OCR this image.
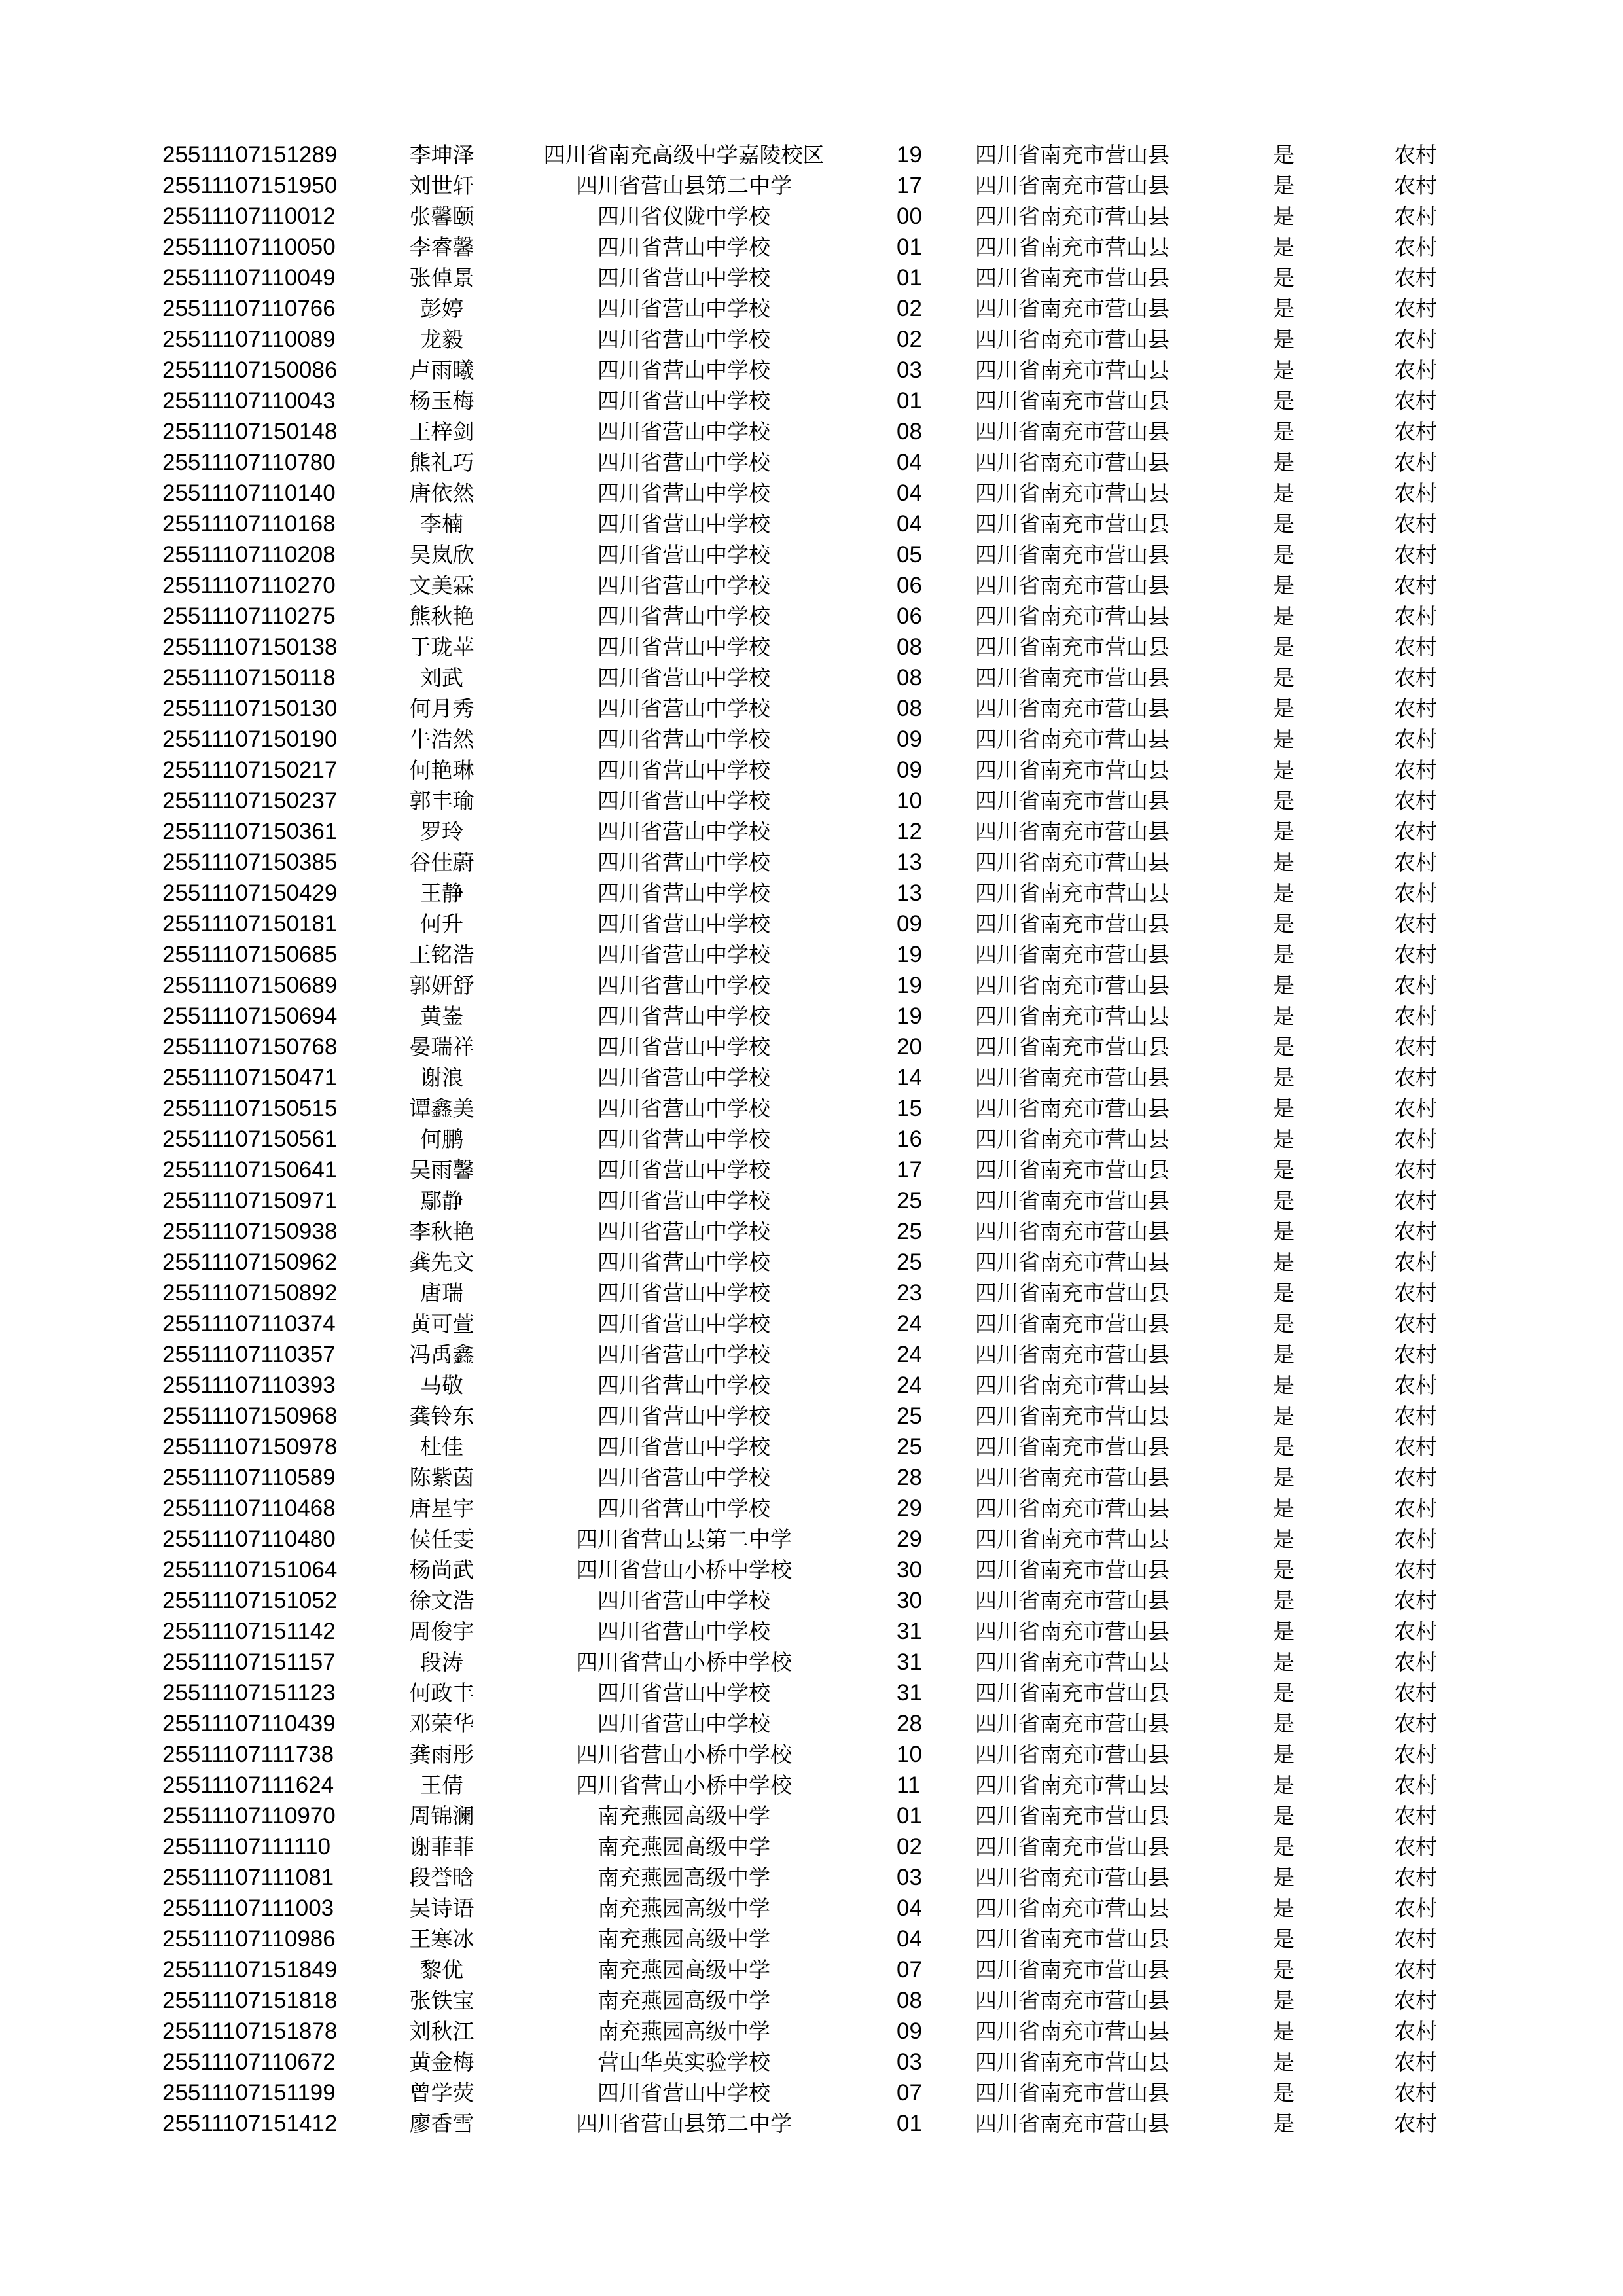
25511107151289	李坤泽	四川省南充高级中学嘉陵校区	19 四川省南充市营山县	是	农村
25511107151950	刘世轩	四川省营山县第二中学	17 四川省南充市营山县	是	农村
25511107110012	张馨颐	四川省仪陇中学校	00 四川省南充市营山县	是	农村
25511107110050	李睿馨	四川省营山中学校	01 四川省南充市营山县	是	农村
25511107110049	张倬景	四川省营山中学校	01 四川省南充市营山县	是	农村
25511107110766	彭婷	四川省营山中学校	02 四川省南充市营山县	是	农村
25511107110089	龙毅	四川省营山中学校	02 四川省南充市营山县	是	农村
25511107150086	卢雨曦	四川省营山中学校	03 四川省南充市营山县	是	农村
25511107110043	杨玉梅	四川省营山中学校	01 四川省南充市营山县	是	农村
25511107150148	王梓剑	四川省营山中学校	08 四川省南充市营山县	是	农村
25511107110780	熊礼巧	四川省营山中学校	04 四川省南充市营山县	是	农村
25511107110140	唐依然	四川省营山中学校	04 四川省南充市营山县	是	农村
25511107110168	李楠	四川省营山中学校	04 四川省南充市营山县	是	农村
25511107110208	吴岚欣	四川省营山中学校	05 四川省南充市营山县	是	农村
25511107110270	文美霖	四川省营山中学校	06 四川省南充市营山县	是	农村
25511107110275	熊秋艳	四川省营山中学校	06 四川省南充市营山县	是	农村
25511107150138	于珑苹	四川省营山中学校	08 四川省南充市营山县	是	农村
25511107150118	刘武	四川省营山中学校	08 四川省南充市营山县	是	农村
25511107150130	何月秀	四川省营山中学校	08 四川省南充市营山县	是	农村
25511107150190	牛浩然	四川省营山中学校	09 四川省南充市营山县	是	农村
25511107150217	何艳琳	四川省营山中学校	09 四川省南充市营山县	是	农村
25511107150237	郭丰瑜	四川省营山中学校	10 四川省南充市营山县	是	农村
25511107150361	罗玲	四川省营山中学校	12 四川省南充市营山县	是	农村
25511107150385	谷佳蔚	四川省营山中学校	13 四川省南充市营山县	是	农村
25511107150429	王静	四川省营山中学校	13 四川省南充市营山县	是	农村
25511107150181	何升	四川省营山中学校	09 四川省南充市营山县	是	农村
25511107150685	王铭浩	四川省营山中学校	19 四川省南充市营山县	是	农村
25511107150689	郭妍舒	四川省营山中学校	19 四川省南充市营山县	是	农村
25511107150694	黄崟	四川省营山中学校	19 四川省南充市营山县	是	农村
25511107150768	晏瑞祥	四川省营山中学校	20 四川省南充市营山县	是	农村
25511107150471	谢浪	四川省营山中学校	14 四川省南充市营山县	是	农村
25511107150515	谭鑫美	四川省营山中学校	15 四川省南充市营山县	是	农村
25511107150561	何鹏	四川省营山中学校	16 四川省南充市营山县	是	农村
25511107150641	吴雨馨	四川省营山中学校	17 四川省南充市营山县	是	农村
25511107150971	鄢静	四川省营山中学校	25 四川省南充市营山县	是	农村
25511107150938	李秋艳	四川省营山中学校	25 四川省南充市营山县	是	农村
25511107150962	龚先文	四川省营山中学校	25 四川省南充市营山县	是	农村
25511107150892	唐瑞	四川省营山中学校	23 四川省南充市营山县	是	农村
25511107110374	黄可萱	四川省营山中学校	24 四川省南充市营山县	是	农村
25511107110357	冯禹鑫	四川省营山中学校	24 四川省南充市营山县	是	农村
25511107110393	马敬	四川省营山中学校	24 四川省南充市营山县	是	农村
25511107150968	龚铃东	四川省营山中学校	25 四川省南充市营山县	是	农村
25511107150978	杜佳	四川省营山中学校	25 四川省南充市营山县	是	农村
25511107110589	陈紫茵	四川省营山中学校	28 四川省南充市营山县	是	农村
25511107110468	唐星宇	四川省营山中学校	29 四川省南充市营山县	是	农村
25511107110480	侯任雯	四川省营山县第二中学	29 四川省南充市营山县	是	农村
25511107151064	杨尚武	四川省营山小桥中学校	30 四川省南充市营山县	是	农村
25511107151052	徐文浩	四川省营山中学校	30 四川省南充市营山县	是	农村
25511107151142	周俊宇	四川省营山中学校	31 四川省南充市营山县	是	农村
25511107151157	段涛	四川省营山小桥中学校	31 四川省南充市营山县	是	农村
25511107151123	何政丰	四川省营山中学校	31 四川省南充市营山县	是	农村
25511107110439	邓荣华	四川省营山中学校	28 四川省南充市营山县	是	农村
25511107111738	龚雨彤	四川省营山小桥中学校	10 四川省南充市营山县	是	农村
25511107111624	王倩	四川省营山小桥中学校	11	四川省南充市营山县	是	农村
25511107110970	周锦澜	南充燕园高级中学	01 四川省南充市营山县	是	农村
25511107111110	谢菲菲	南充燕园高级中学	02 四川省南充市营山县	是	农村
25511107111081	段誉晗	南充燕园高级中学	03 四川省南充市营山县	是	农村
25511107111003	吴诗语	南充燕园高级中学	04 四川省南充市营山县	是	农村
25511107110986	王寒冰	南充燕园高级中学	04 四川省南充市营山县	是	农村
25511107151849	黎优	南充燕园高级中学	07 四川省南充市营山县	是	农村
25511107151818	张铁宝	南充燕园高级中学	08 四川省南充市营山县	是	农村
25511107151878	刘秋江	南充燕园高级中学	09 四川省南充市营山县	是	农村
25511107110672	黄金梅	营山华英实验学校	03 四川省南充市营山县	是	农村
25511107151199	曾学荧	四川省营山中学校	07 四川省南充市营山县	是	农村
25511107151412	廖香雪	四川省营山县第二中学	01 四川省南充市营山县	是	农村
